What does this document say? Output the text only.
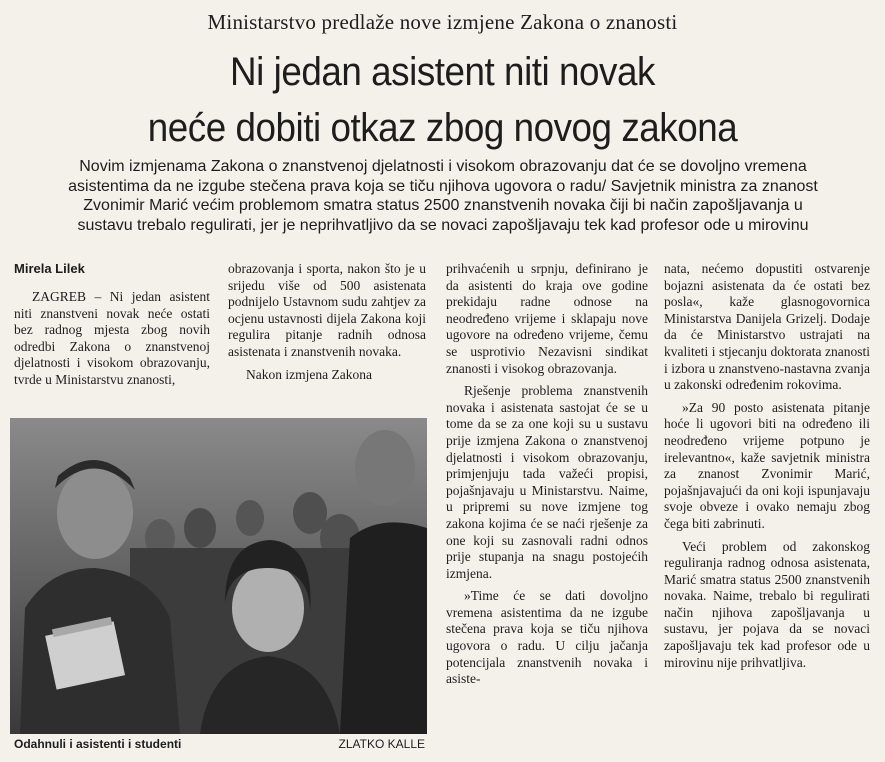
Ministarstvo predlaže nove izmjene Zakona o znanosti
Ni jedan asistent niti novak
neće dobiti otkaz zbog novog zakona

Novim izmjenama Zakona o znanstvenoj djelatnosti i visokom obrazovanju dat će se dovoljno vremena

asistentima da ne izgube stečena prava koja se tiču njihova ugovora o radu/ Savjetnik ministra za znanost

Zvonimir Marić većim problemom smatra status 2500 znanstvenih novaka čiji bi način zapošljavanja u

sustavu trebalo regulirati, jer je neprihvatljivo da se novaci zapošljavaju tek kad profesor ode u mirovinu

Mirela Lilek

ZAGREB – Ni jedan asistent niti znanstveni novak neće ostati bez radnog mjesta zbog novih odredbi Zakona o znanstvenoj djelatnosti i visokom obrazovanju, tvrde u Ministarstvu znanosti,

obrazovanja i sporta, nakon što je u srijedu više od 500 asistenata podnijelo Ustavnom sudu zahtjev za ocjenu ustavnosti dijela Zakona koji regulira pitanje radnih odnosa asistenata i znanstvenih novaka.

Nakon izmjena Zakona

prihvaćenih u srpnju, definirano je da asistenti do kraja ove godine prekidaju radne odnose na neodređeno vrijeme i sklapaju nove ugovore na određeno vrijeme, čemu se usprotivio Nezavisni sindikat znanosti i visokog obrazovanja.

Rješenje problema znanstvenih novaka i asistenata sastojat će se u tome da se za one koji su u sustavu prije izmjena Zakona o znanstvenoj djelatnosti i visokom obrazovanju, primjenjuju tada važeći propisi, pojašnjavaju u Ministarstvu. Naime, u pripremi su nove izmjene tog zakona kojima će se naći rješenje za one koji su zasnovali radni odnos prije stupanja na snagu postojećih izmjena.

»Time će se dati dovoljno vremena asistentima da ne izgube stečena prava koja se tiču njihova ugovora o radu. U cilju jačanja potencijala znanstvenih novaka i asiste-

nata, nećemo dopustiti ostvarenje bojazni asistenata da će ostati bez posla«, kaže glasnogovornica Ministarstva Danijela Grizelj. Dodaje da će Ministarstvo ustrajati na kvaliteti i stjecanju doktorata znanosti i izbora u znanstveno-nastavna zvanja u zakonski određenim rokovima.

»Za 90 posto asistenata pitanje hoće li ugovori biti na određeno ili neodređeno vrijeme potpuno je irelevantno«, kaže savjetnik ministra za znanost Zvonimir Marić, pojašnjavajući da oni koji ispunjavaju svoje obveze i ovako nemaju zbog čega biti zabrinuti.

Veći problem od zakonskog reguliranja radnog odnosa asistenata, Marić smatra status 2500 znanstvenih novaka. Naime, trebalo bi regulirati način njihova zapošljavanja u sustavu, jer pojava da se novaci zapošljavaju tek kad profesor ode u mirovinu nije prihvatljiva.

Odahnuli i asistenti i studenti	ZLATKO KALLE
